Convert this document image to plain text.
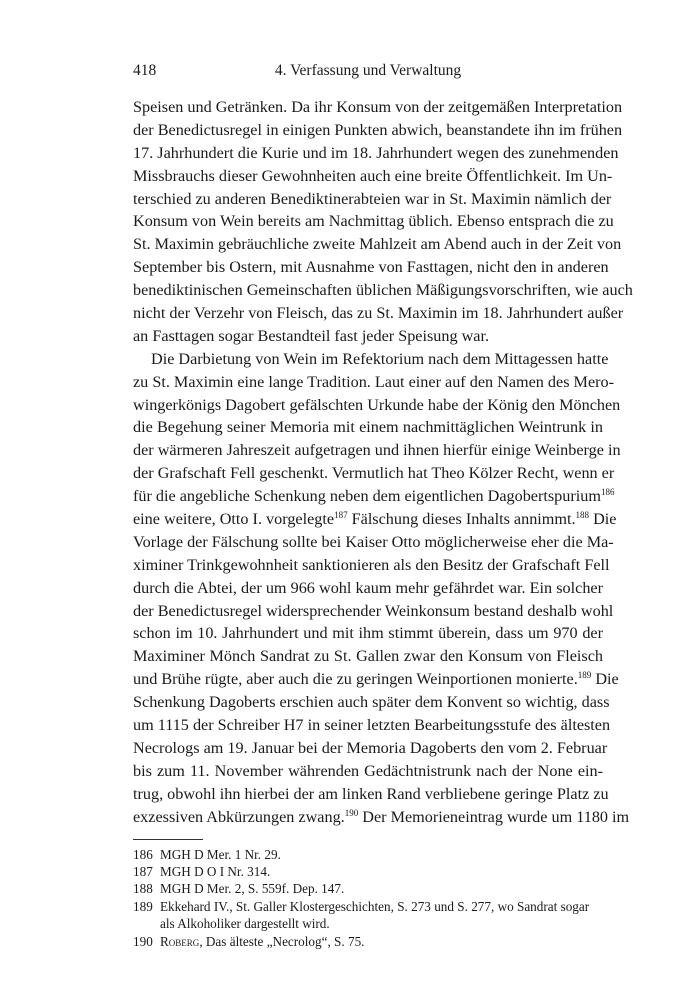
418	4. Verfassung und Verwaltung
Speisen und Getränken. Da ihr Konsum von der zeitgemäßen Interpretation
der Benedictusregel in einigen Punkten abwich, beanstandete ihn im frühen
17. Jahrhundert die Kurie und im 18. Jahrhundert wegen des zunehmenden
Missbrauchs dieser Gewohnheiten auch eine breite Öffentlichkeit. Im Un-
terschied zu anderen Benediktinerabteien war in St. Maximin nämlich der
Konsum von Wein bereits am Nachmittag üblich. Ebenso entsprach die zu
St. Maximin gebräuchliche zweite Mahlzeit am Abend auch in der Zeit von
September bis Ostern, mit Ausnahme von Fasttagen, nicht den in anderen
benediktinischen Gemeinschaften üblichen Mäßigungsvorschriften, wie auch
nicht der Verzehr von Fleisch, das zu St. Maximin im 18. Jahrhundert außer
an Fasttagen sogar Bestandteil fast jeder Speisung war.
Die Darbietung von Wein im Refektorium nach dem Mittagessen hatte
zu St. Maximin eine lange Tradition. Laut einer auf den Namen des Mero-
wingerkönigs Dagobert gefälschten Urkunde habe der König den Mönchen
die Begehung seiner Memoria mit einem nachmittäglichen Weintrunk in
der wärmeren Jahreszeit aufgetragen und ihnen hierfür einige Weinberge in
der Grafschaft Fell geschenkt. Vermutlich hat Theo Kölzer Recht, wenn er
für die angebliche Schenkung neben dem eigentlichen Dagobertspurium$^{186}$
eine weitere, Otto I. vorgelegte$^{187}$ Fälschung dieses Inhalts annimmt.$^{188}$ Die
Vorlage der Fälschung sollte bei Kaiser Otto möglicherweise eher die Ma-
ximiner Trinkgewohnheit sanktionieren als den Besitz der Grafschaft Fell
durch die Abtei, der um 966 wohl kaum mehr gefährdet war. Ein solcher
der Benedictusregel widersprechender Weinkonsum bestand deshalb wohl
schon im 10. Jahrhundert und mit ihm stimmt überein, dass um 970 der
Maximiner Mönch Sandrat zu St. Gallen zwar den Konsum von Fleisch
und Brühe rügte, aber auch die zu geringen Weinportionen monierte.$^{189}$ Die
Schenkung Dagoberts erschien auch später dem Konvent so wichtig, dass
um 1115 der Schreiber H7 in seiner letzten Bearbeitungsstufe des ältesten
Necrologs am 19. Januar bei der Memoria Dagoberts den vom 2. Februar
bis zum 11. November währenden Gedächtnistrunk nach der None ein-
trug, obwohl ihn hierbei der am linken Rand verbliebene geringe Platz zu
exzessiven Abkürzungen zwang.$^{190}$ Der Memorieneintrag wurde um 1180 im
186 MGH D Mer. 1 Nr. 29.
187 MGH D O I Nr. 314.
188 MGH D Mer. 2, S. 559f. Dep. 147.
189 Ekkehard IV., St. Galler Klostergeschichten, S. 273 und S. 277, wo Sandrat sogar als Alkoholiker dargestellt wird.
190 Roberg, Das älteste „Necrolog“, S. 75.
